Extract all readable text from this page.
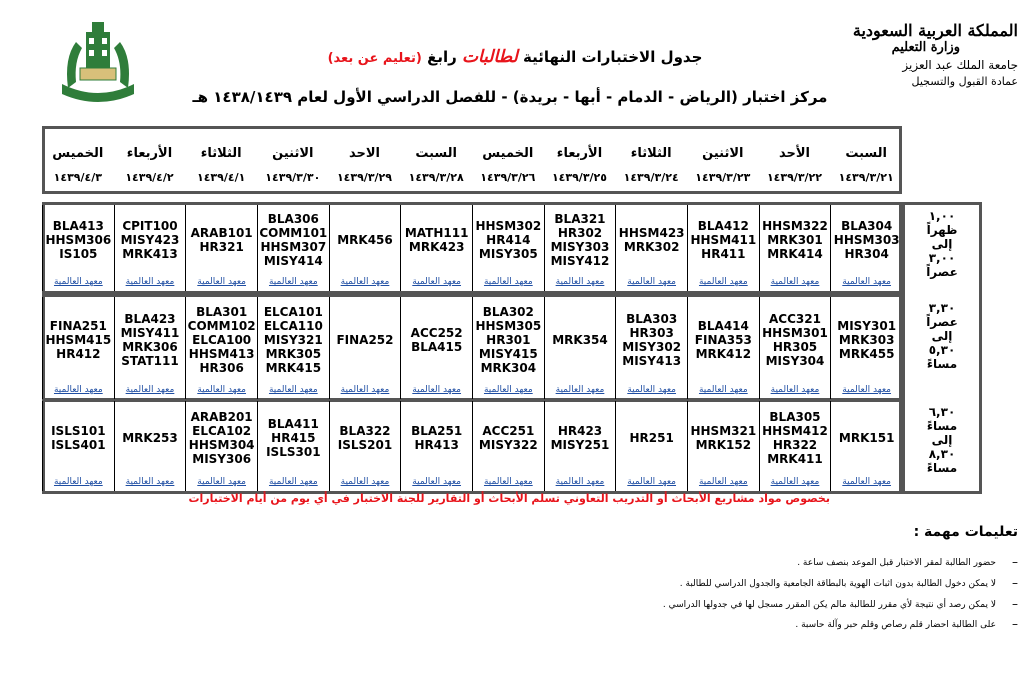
المملكة العربية السعودية
وزارة التعليم
جامعة الملك عبد العزيز
عمادة القبول والتسجيل
جدول الاختبارات النهائية لطالبات رابغ (تعليم عن بعد)
مركز اختبار (الرياض - الدمام - أبها - بريدة) - للفصل الدراسي الأول لعام ١٤٣٨/١٤٣٩ هـ
السبت
١٤٣٩/٣/٢١
الأحد
١٤٣٩/٣/٢٢
الاثنين
١٤٣٩/٣/٢٣
الثلاثاء
١٤٣٩/٣/٢٤
الأربعاء
١٤٣٩/٣/٢٥
الخميس
١٤٣٩/٣/٢٦
السبت
١٤٣٩/٣/٢٨
الاحد
١٤٣٩/٣/٢٩
الاثنين
١٤٣٩/٣/٣٠
الثلاثاء
١٤٣٩/٤/١
الأربعاء
١٤٣٩/٤/٢
الخميس
١٤٣٩/٤/٣
BLA304
HHSM303
HR304
معهد العالمية
HHSM322
MRK301
MRK414
معهد العالمية
BLA412
HHSM411
HR411
معهد العالمية
HHSM423
MRK302
معهد العالمية
BLA321
HR302
MISY303
MISY412
معهد العالمية
HHSM302
HR414
MISY305
معهد العالمية
MATH111
MRK423
معهد العالمية
MRK456
معهد العالمية
BLA306
COMM101
HHSM307
MISY414
معهد العالمية
ARAB101
HR321
معهد العالمية
CPIT100
MISY423
MRK413
معهد العالمية
BLA413
HHSM306
IS105
معهد العالمية
١,٠٠
ظهراً
إلى
٣,٠٠
عصراً
MISY301
MRK303
MRK455
معهد العالمية
ACC321
HHSM301
HR305
MISY304
معهد العالمية
BLA414
FINA353
MRK412
معهد العالمية
BLA303
HR303
MISY302
MISY413
معهد العالمية
MRK354
معهد العالمية
BLA302
HHSM305
HR301
MISY415
MRK304
معهد العالمية
ACC252
BLA415
معهد العالمية
FINA252
معهد العالمية
ELCA101
ELCA110
MISY321
MRK305
MRK415
معهد العالمية
BLA301
COMM102
ELCA100
HHSM413
HR306
معهد العالمية
BLA423
MISY411
MRK306
STAT111
معهد العالمية
FINA251
HHSM415
HR412
معهد العالمية
٣,٣٠
عصراً
إلى
٥,٣٠
مساءً
MRK151
معهد العالمية
BLA305
HHSM412
HR322
MRK411
معهد العالمية
HHSM321
MRK152
معهد العالمية
HR251
معهد العالمية
HR423
MISY251
معهد العالمية
ACC251
MISY322
معهد العالمية
BLA251
HR413
معهد العالمية
BLA322
ISLS201
معهد العالمية
BLA411
HR415
ISLS301
معهد العالمية
ARAB201
ELCA102
HHSM304
MISY306
معهد العالمية
MRK253
معهد العالمية
ISLS101
ISLS401
معهد العالمية
٦,٣٠
مساءً
إلى
٨,٣٠
مساءً
بخصوص مواد مشاريع الأبحاث أو التدريب التعاوني تسلم الأبحاث أو التقارير للجنة الاختبار في أي يوم من أيام الاختبارات
تعليمات مهمة :
–
حضور الطالبة لمقر الاختبار قبل الموعد بنصف ساعة .
–
لا يمكن دخول الطالبة بدون اثبات الهوية بالبطاقة الجامعية والجدول الدراسي للطالبة .
–
لا يمكن رصد أي نتيجة لأي مقرر للطالبة مالم يكن المقرر مسجل لها في جدولها الدراسي .
–
على الطالبة احضار قلم رصاص وقلم حبر وآلة حاسبة .
